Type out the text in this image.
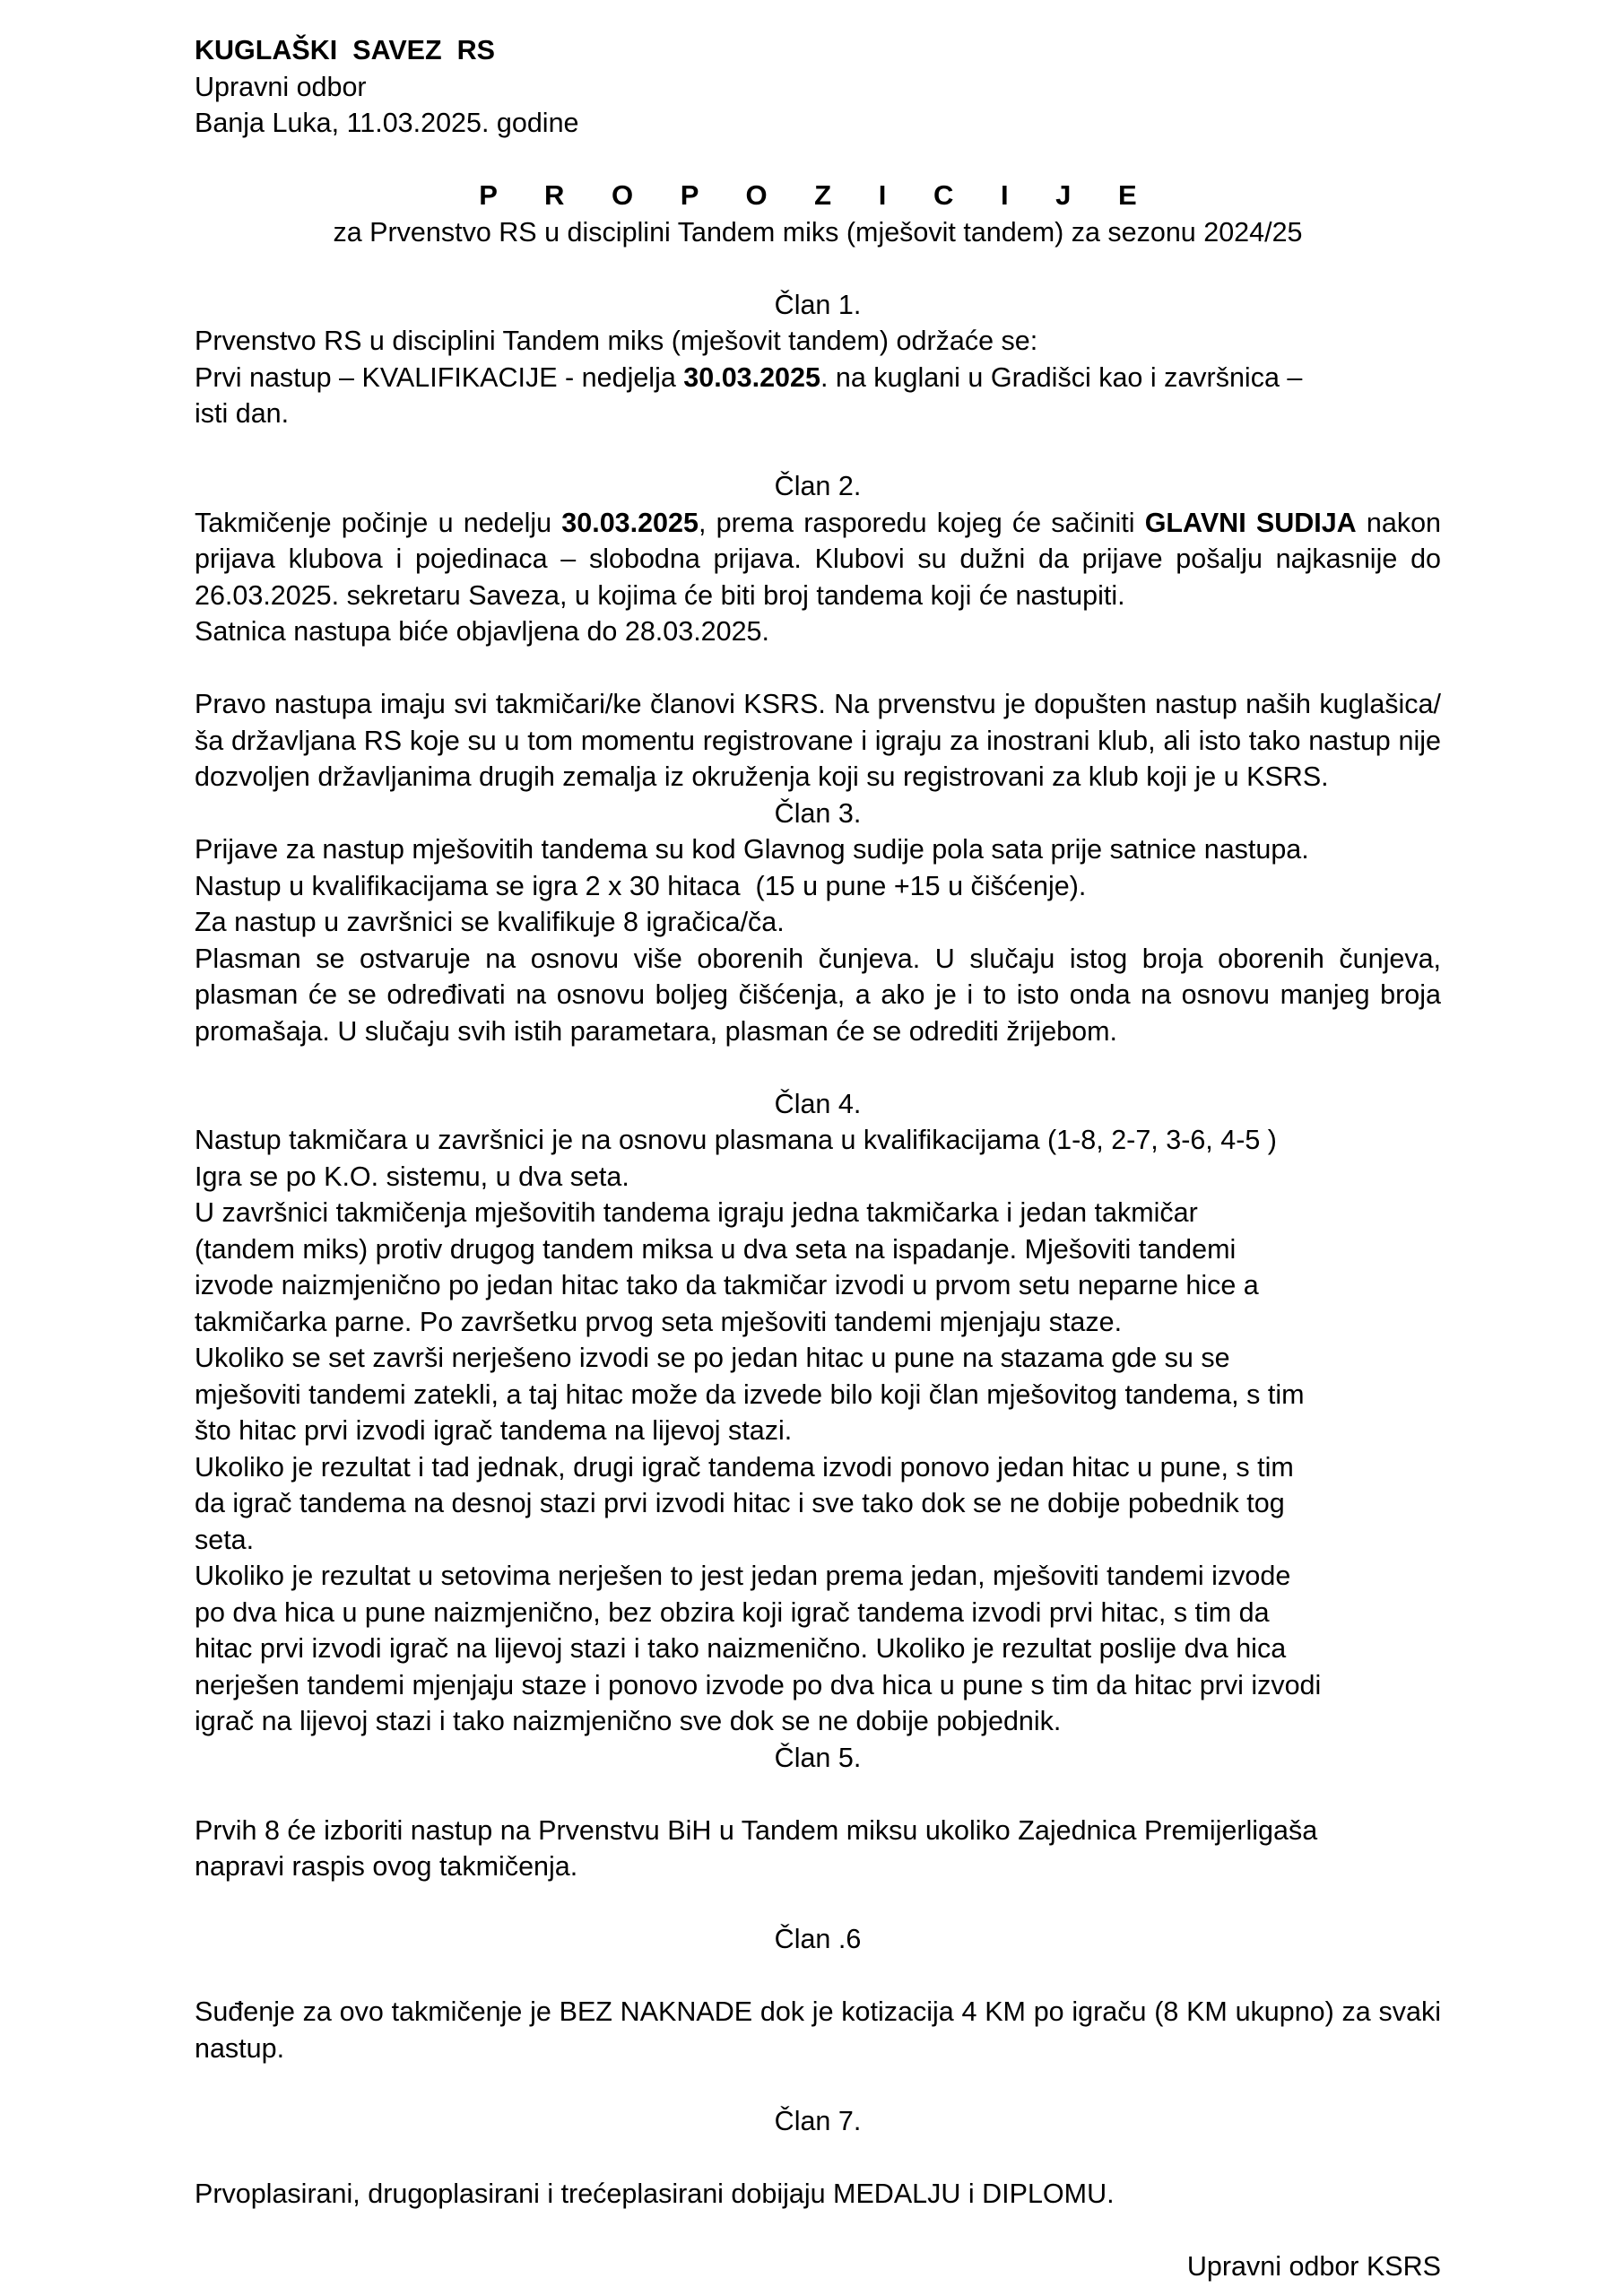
KUGLAŠKI  SAVEZ  RS
Upravni odbor
Banja Luka, 11.03.2025. godine
P R O P O Z I C I J E
za Prvenstvo RS u disciplini Tandem miks (mješovit tandem) za sezonu 2024/25
Član 1.
Prvenstvo RS u disciplini Tandem miks (mješovit tandem) održaće se:
Prvi nastup – KVALIFIKACIJE - nedjelja 30.03.2025. na kuglani u Gradišci kao i završnica –
isti dan.
Član 2.

Takmičenje počinje u nedelju 30.03.2025, prema rasporedu kojeg će sačiniti GLAVNI SUDIJA nakon prijava klubova i pojedinaca – slobodna prijava. Klubovi su dužni da prijave pošalju najkasnije do 26.03.2025. sekretaru Saveza, u kojima će biti broj tandema koji će nastupiti.

Satnica nastupa biće objavljena do 28.03.2025.

Pravo nastupa imaju svi takmičari/ke članovi KSRS. Na prvenstvu je dopušten nastup naših kuglašica/ša državljana RS koje su u tom momentu registrovane i igraju za inostrani klub, ali isto tako nastup nije dozvoljen državljanima drugih zemalja iz okruženja koji su registrovani za klub koji je u KSRS.

Član 3.
Prijave za nastup mješovitih tandema su kod Glavnog sudije pola sata prije satnice nastupa.
Nastup u kvalifikacijama se igra 2 x 30 hitaca  (15 u pune +15 u čišćenje).
Za nastup u završnici se kvalifikuje 8 igračica/ča.

Plasman se ostvaruje na osnovu više oborenih čunjeva. U slučaju istog broja oborenih čunjeva, plasman će se određivati na osnovu boljeg čišćenja, a ako je i to isto onda na osnovu manjeg broja promašaja. U slučaju svih istih parametara, plasman će se odrediti žrijebom.

Član 4.
Nastup takmičara u završnici je na osnovu plasmana u kvalifikacijama (1-8, 2-7, 3-6, 4-5 )
Igra se po K.O. sistemu, u dva seta.
U završnici takmičenja mješovitih tandema igraju jedna takmičarka i jedan takmičar
(tandem miks) protiv drugog tandem miksa u dva seta na ispadanje. Mješoviti tandemi
izvode naizmjenično po jedan hitac tako da takmičar izvodi u prvom setu neparne hice a
takmičarka parne. Po završetku prvog seta mješoviti tandemi mjenjaju staze.
Ukoliko se set završi nerješeno izvodi se po jedan hitac u pune na stazama gde su se
mješoviti tandemi zatekli, a taj hitac može da izvede bilo koji član mješovitog tandema, s tim
što hitac prvi izvodi igrač tandema na lijevoj stazi.
Ukoliko je rezultat i tad jednak, drugi igrač tandema izvodi ponovo jedan hitac u pune, s tim
da igrač tandema na desnoj stazi prvi izvodi hitac i sve tako dok se ne dobije pobednik tog
seta.
Ukoliko je rezultat u setovima nerješen to jest jedan prema jedan, mješoviti tandemi izvode
po dva hica u pune naizmjenično, bez obzira koji igrač tandema izvodi prvi hitac, s tim da
hitac prvi izvodi igrač na lijevoj stazi i tako naizmenično. Ukoliko je rezultat poslije dva hica
nerješen tandemi mjenjaju staze i ponovo izvode po dva hica u pune s tim da hitac prvi izvodi
igrač na lijevoj stazi i tako naizmjenično sve dok se ne dobije pobjednik.
Član 5.
Prvih 8 će izboriti nastup na Prvenstvu BiH u Tandem miksu ukoliko Zajednica Premijerligaša
napravi raspis ovog takmičenja.
Član .6

Suđenje za ovo takmičenje je BEZ NAKNADE dok je kotizacija 4 KM po igraču (8 KM ukupno) za svaki nastup.

Član 7.
Prvoplasirani, drugoplasirani i trećeplasirani dobijaju MEDALJU i DIPLOMU.
Upravni odbor KSRS
